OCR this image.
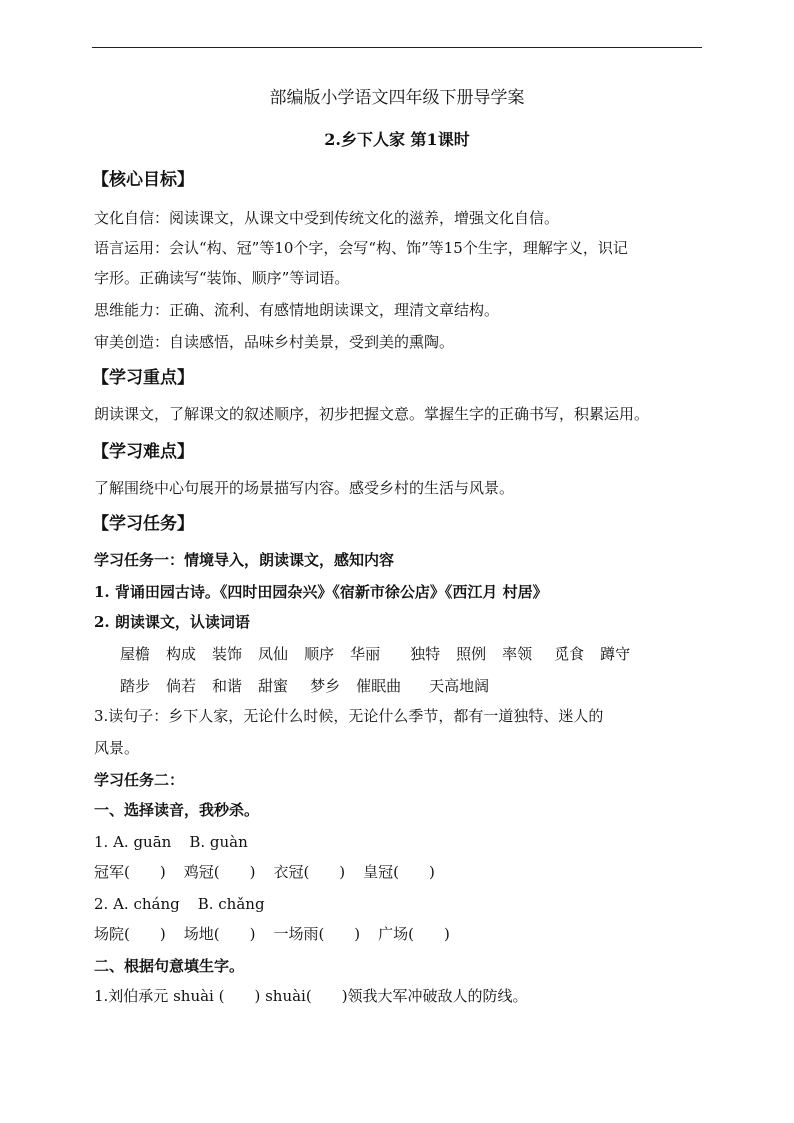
部编版小学语文四年级下册导学案
2.乡下人家 第1课时
【核心目标】
文化自信：阅读课文，从课文中受到传统文化的滋养，增强文化自信。
语言运用：会认“构、冠”等10个字，会写“构、饰”等15个生字，理解字义，识记
字形。正确读写“装饰、顺序”等词语。
思维能力：正确、流利、有感情地朗读课文，理清文章结构。
审美创造：自读感悟，品味乡村美景，受到美的熏陶。
【学习重点】
朗读课文，了解课文的叙述顺序，初步把握文意。掌握生字的正确书写，积累运用。
【学习难点】
了解围绕中心句展开的场景描写内容。感受乡村的生活与风景。
【学习任务】
学习任务一：情境导入，朗读课文，感知内容
1. 背诵田园古诗。《四时田园杂兴》《宿新市徐公店》《西江月 村居》
2. 朗读课文，认读词语
屋檐 构成 装饰 凤仙 顺序 华丽 独特 照例 率领 觅食 蹲守
踏步 倘若 和谐 甜蜜 梦乡 催眠曲 天高地阔
3.读句子：乡下人家，无论什么时候，无论什么季节，都有一道独特、迷人的
风景。
学习任务二：
一、选择读音，我秒杀。
1. A. guān B. guàn
冠军(　　) 鸡冠(　　) 衣冠(　　) 皇冠(　　)
2. A. cháng B. chǎng
场院(　　) 场地(　　) 一场雨(　　) 广场(　　)
二、根据句意填生字。
1.刘伯承元 shuài (　　) shuài(　　)领我大军冲破敌人的防线。
